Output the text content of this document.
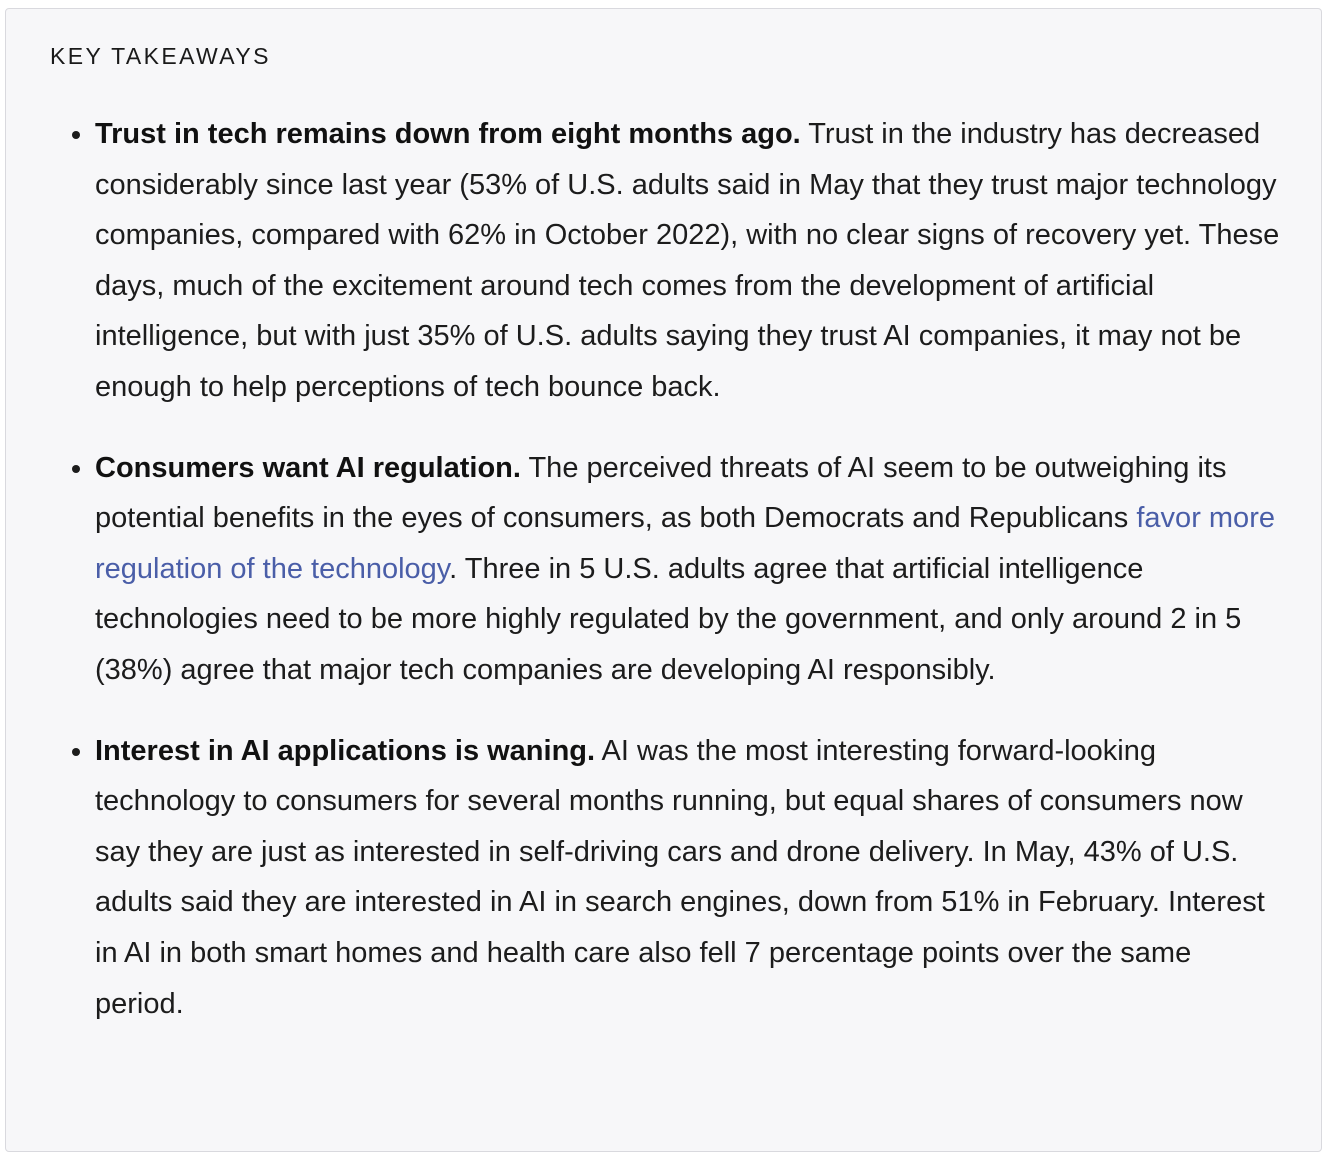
KEY TAKEAWAYS
Trust in tech remains down from eight months ago. Trust in the industry has decreased considerably since last year (53% of U.S. adults said in May that they trust major technology companies, compared with 62% in October 2022), with no clear signs of recovery yet. These days, much of the excitement around tech comes from the development of artificial intelligence, but with just 35% of U.S. adults saying they trust AI companies, it may not be enough to help perceptions of tech bounce back.
Consumers want AI regulation. The perceived threats of AI seem to be outweighing its potential benefits in the eyes of consumers, as both Democrats and Republicans favor more regulation of the technology. Three in 5 U.S. adults agree that artificial intelligence technologies need to be more highly regulated by the government, and only around 2 in 5 (38%) agree that major tech companies are developing AI responsibly.
Interest in AI applications is waning. AI was the most interesting forward-looking technology to consumers for several months running, but equal shares of consumers now say they are just as interested in self-driving cars and drone delivery. In May, 43% of U.S. adults said they are interested in AI in search engines, down from 51% in February. Interest in AI in both smart homes and health care also fell 7 percentage points over the same period.
